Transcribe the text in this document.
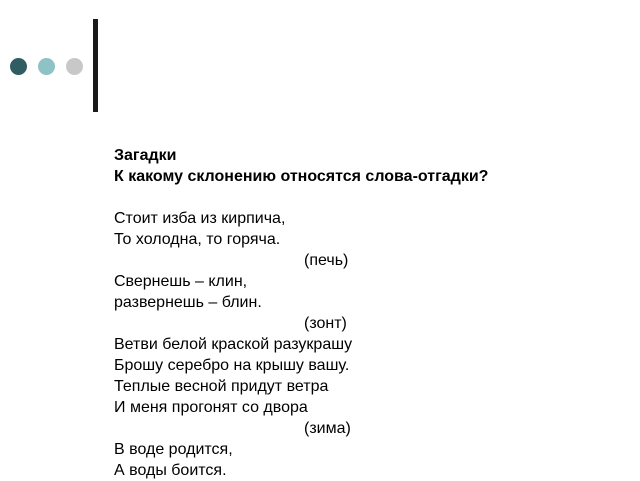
Загадки
К какому склонению относятся слова-отгадки?
Стоит изба из кирпича,
То холодна, то горяча.
(печь)
Свернешь – клин,
развернешь – блин.
(зонт)
Ветви белой краской разукрашу
Брошу серебро на крышу вашу.
Теплые весной придут ветра
И меня прогонят со двора
(зима)
В воде родится,
А воды боится.
